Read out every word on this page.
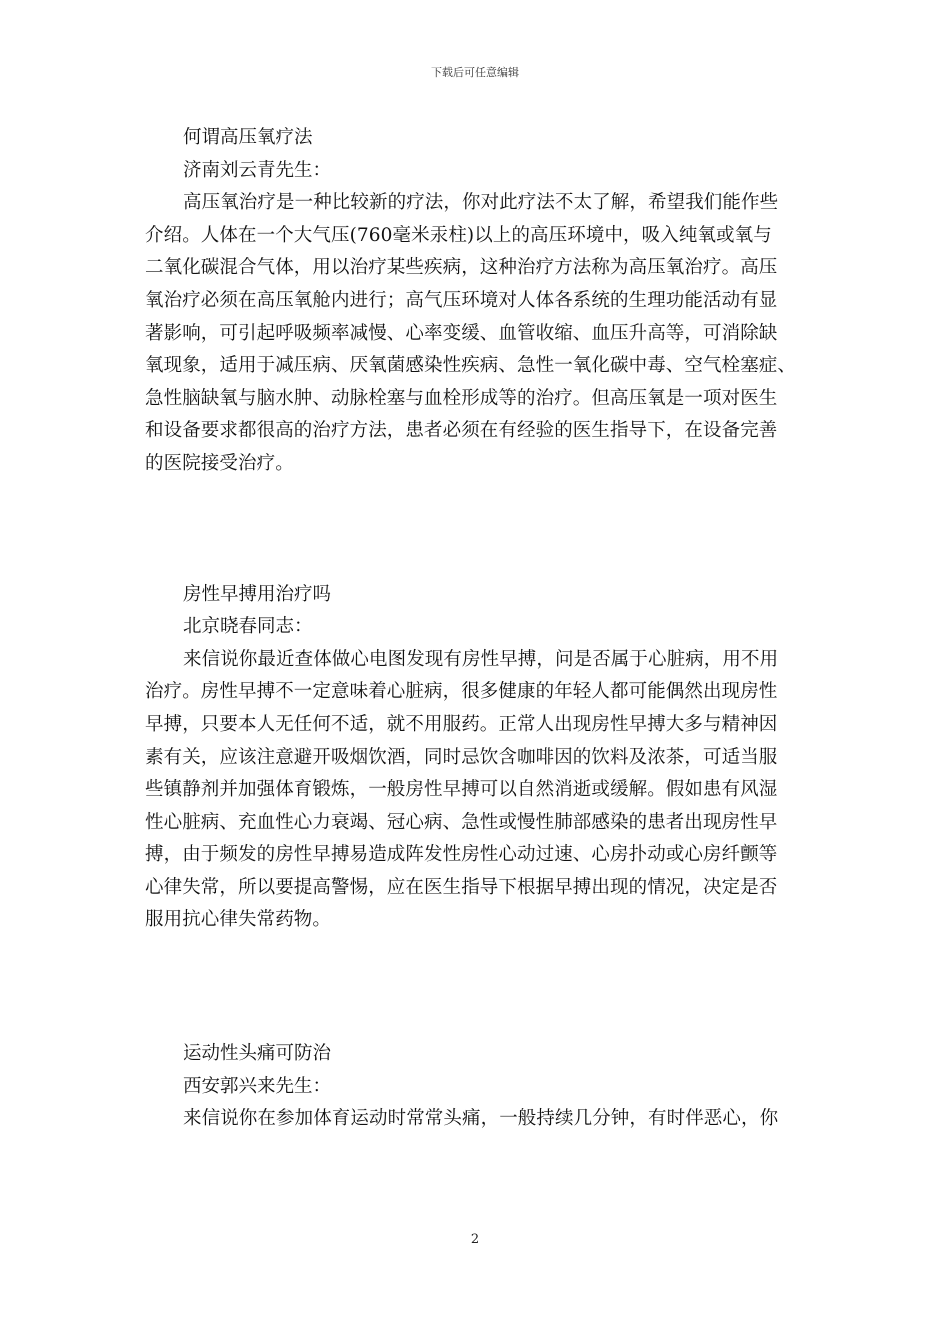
下载后可任意编辑

何谓高压氧疗法

济南刘云青先生：

高压氧治疗是一种比较新的疗法，你对此疗法不太了解，希望我们能作些
介绍。人体在一个大气压(760毫米汞柱)以上的高压环境中，吸入纯氧或氧与
二氧化碳混合气体，用以治疗某些疾病，这种治疗方法称为高压氧治疗。高压
氧治疗必须在高压氧舱内进行；高气压环境对人体各系统的生理功能活动有显
著影响，可引起呼吸频率减慢、心率变缓、血管收缩、血压升高等，可消除缺
氧现象，适用于减压病、厌氧菌感染性疾病、急性一氧化碳中毒、空气栓塞症、
急性脑缺氧与脑水肿、动脉栓塞与血栓形成等的治疗。但高压氧是一项对医生
和设备要求都很高的治疗方法，患者必须在有经验的医生指导下，在设备完善
的医院接受治疗。

房性早搏用治疗吗

北京晓春同志：

来信说你最近查体做心电图发现有房性早搏，问是否属于心脏病，用不用
治疗。房性早搏不一定意味着心脏病，很多健康的年轻人都可能偶然出现房性
早搏，只要本人无任何不适，就不用服药。正常人出现房性早搏大多与精神因
素有关，应该注意避开吸烟饮酒，同时忌饮含咖啡因的饮料及浓茶，可适当服
些镇静剂并加强体育锻炼，一般房性早搏可以自然消逝或缓解。假如患有风湿
性心脏病、充血性心力衰竭、冠心病、急性或慢性肺部感染的患者出现房性早
搏，由于频发的房性早搏易造成阵发性房性心动过速、心房扑动或心房纤颤等
心律失常，所以要提高警惕，应在医生指导下根据早搏出现的情况，决定是否
服用抗心律失常药物。

运动性头痛可防治

西安郭兴来先生：

来信说你在参加体育运动时常常头痛，一般持续几分钟，有时伴恶心，你

2
